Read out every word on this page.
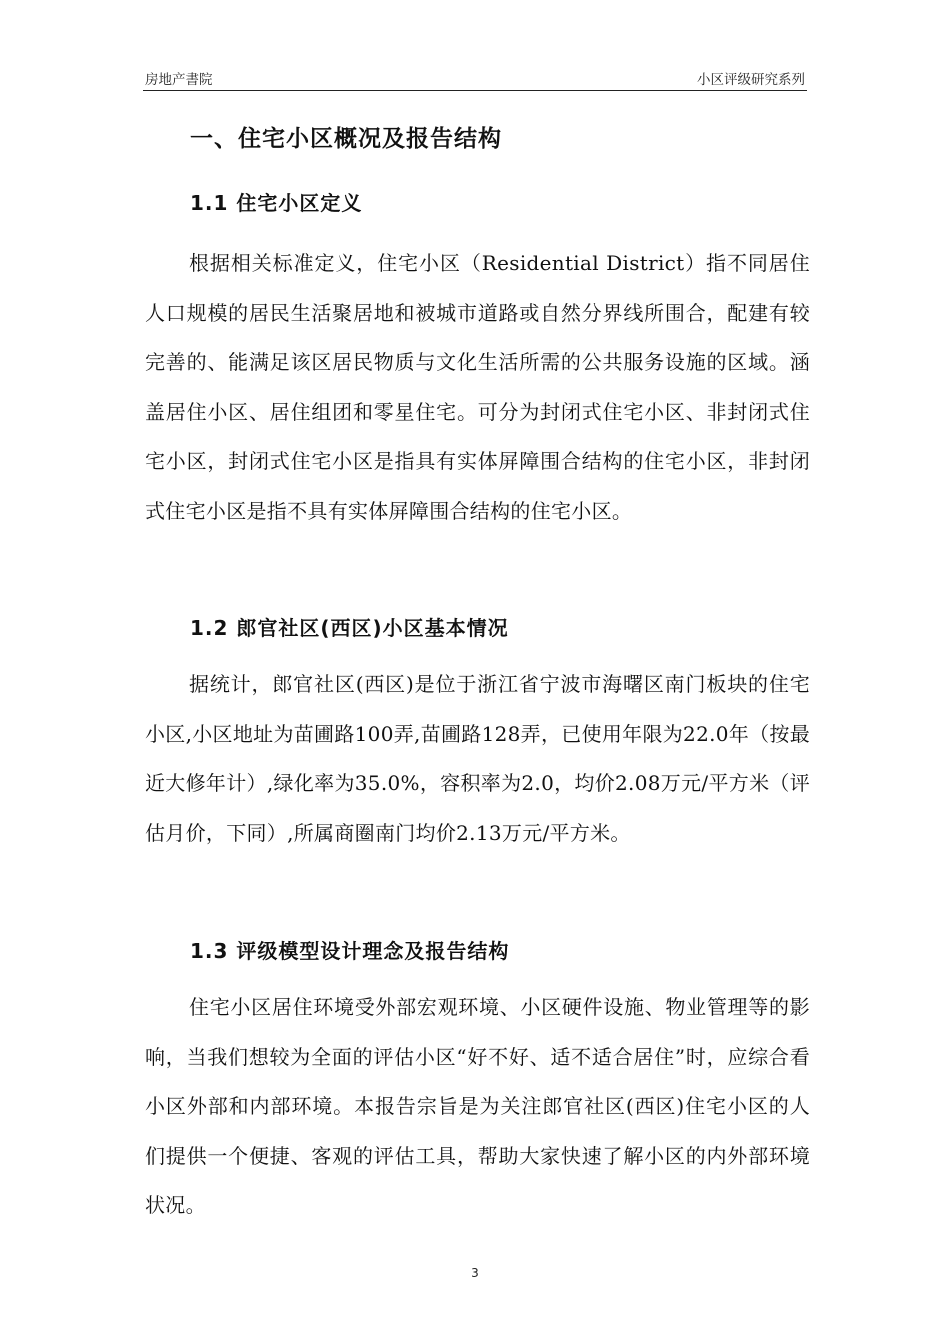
房地产書院	小区评级研究系列
一、住宅小区概况及报告结构
1.1 住宅小区定义

根据相关标准定义，住宅小区（Residential District）指不同居住人口规模的居民生活聚居地和被城市道路或自然分界线所围合，配建有较完善的、能满足该区居民物质与文化生活所需的公共服务设施的区域。涵盖居住小区、居住组团和零星住宅。可分为封闭式住宅小区、非封闭式住宅小区，封闭式住宅小区是指具有实体屏障围合结构的住宅小区，非封闭式住宅小区是指不具有实体屏障围合结构的住宅小区。

1.2 郎官社区(西区)小区基本情况

据统计，郎官社区(西区)是位于浙江省宁波市海曙区南门板块的住宅小区,小区地址为苗圃路100弄,苗圃路128弄，已使用年限为22.0年（按最近大修年计）,绿化率为35.0%，容积率为2.0，均价2.08万元/平方米（评估月价，下同）,所属商圈南门均价2.13万元/平方米。

1.3 评级模型设计理念及报告结构

住宅小区居住环境受外部宏观环境、小区硬件设施、物业管理等的影响，当我们想较为全面的评估小区“好不好、适不适合居住”时，应综合看小区外部和内部环境。本报告宗旨是为关注郎官社区(西区)住宅小区的人们提供一个便捷、客观的评估工具，帮助大家快速了解小区的内外部环境状况。

3
